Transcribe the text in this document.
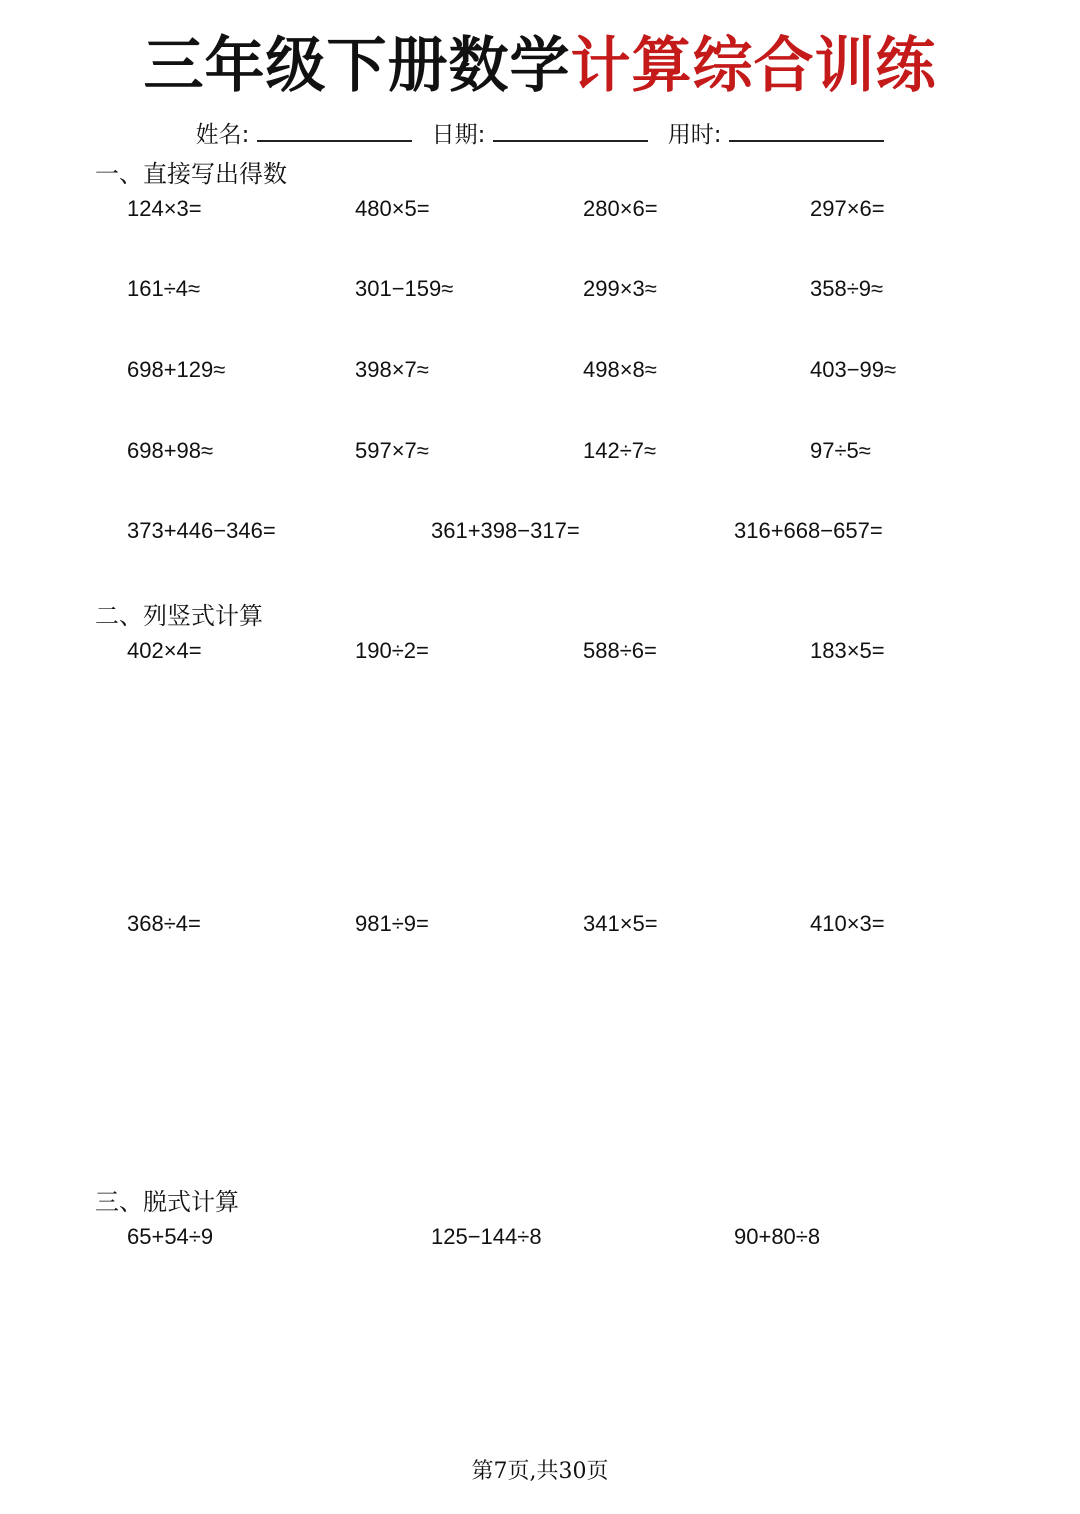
三年级下册数学计算综合训练
姓名:	日期:	用时:
一、直接写出得数
124×3=	480×5=	280×6=	297×6=
161÷4≈	301−159≈	299×3≈	358÷9≈
698+129≈	398×7≈	498×8≈	403−99≈
698+98≈	597×7≈	142÷7≈	97÷5≈
373+446−346=	361+398−317=	316+668−657=
二、列竖式计算
402×4=	190÷2=	588÷6=	183×5=
368÷4=	981÷9=	341×5=	410×3=
三、脱式计算
65+54÷9	125−144÷8	90+80÷8
第7页,共30页
